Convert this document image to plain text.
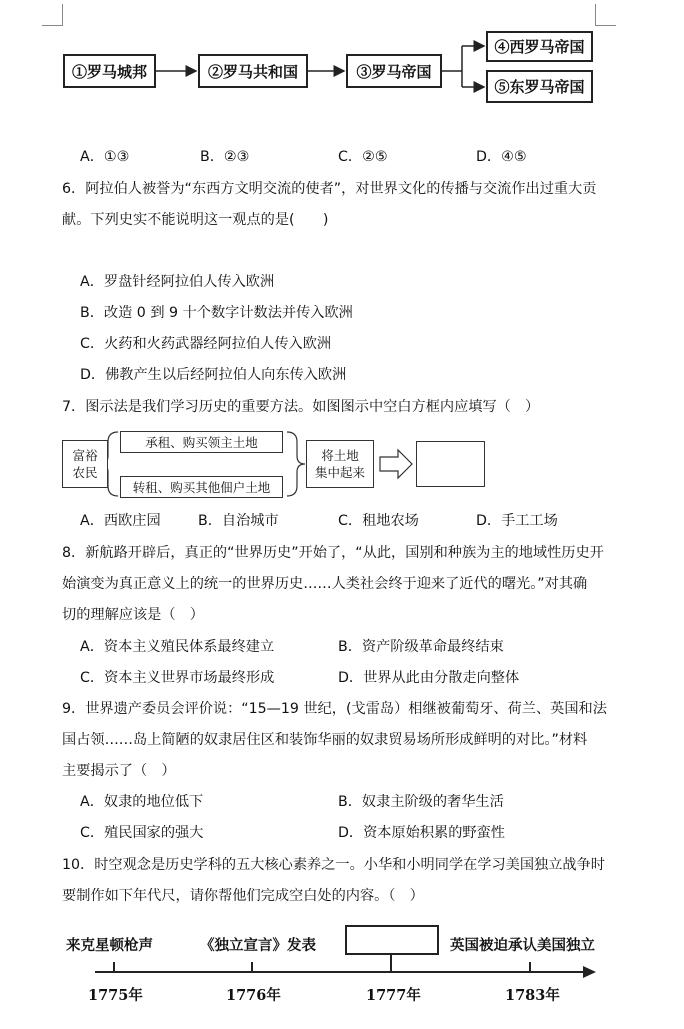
①罗马城邦	②罗马共和国	③罗马帝国
④西罗马帝国
⑤东罗马帝国
A．①③	B．②③	C．②⑤	D．④⑤
6．阿拉伯人被誉为“东西方文明交流的使者”，对世界文化的传播与交流作出过重大贡
献。下列史实不能说明这一观点的是(　　)
A．罗盘针经阿拉伯人传入欧洲
B．改造 0 到 9 十个数字计数法并传入欧洲
C．火药和火药武器经阿拉伯人传入欧洲
D．佛教产生以后经阿拉伯人向东传入欧洲
7．图示法是我们学习历史的重要方法。如图图示中空白方框内应填写（　）
富裕
农民
承租、购买领主土地
转租、购买其他佃户土地
将土地
集中起来
A．西欧庄园	B．自治城市	C．租地农场	D．手工工场
8．新航路开辟后，真正的“世界历史”开始了，“从此，国别和种族为主的地域性历史开
始演变为真正意义上的统一的世界历史……人类社会终于迎来了近代的曙光。”对其确
切的理解应该是（　）
A．资本主义殖民体系最终建立	B．资产阶级革命最终结束
C．资本主义世界市场最终形成	D．世界从此由分散走向整体
9．世界遗产委员会评价说：“15—19 世纪，(戈雷岛）相继被葡萄牙、荷兰、英国和法
国占领……岛上简陋的奴隶居住区和装饰华丽的奴隶贸易场所形成鲜明的对比。”材料
主要揭示了（　）
A．奴隶的地位低下	B．奴隶主阶级的奢华生活
C．殖民国家的强大	D．资本原始积累的野蛮性
10．时空观念是历史学科的五大核心素养之一。小华和小明同学在学习美国独立战争时
要制作如下年代尺，请你帮他们完成空白处的内容。（　）
来克星顿枪声	《独立宣言》发表	英国被迫承认美国独立
1775年	1776年	1777年	1783年
